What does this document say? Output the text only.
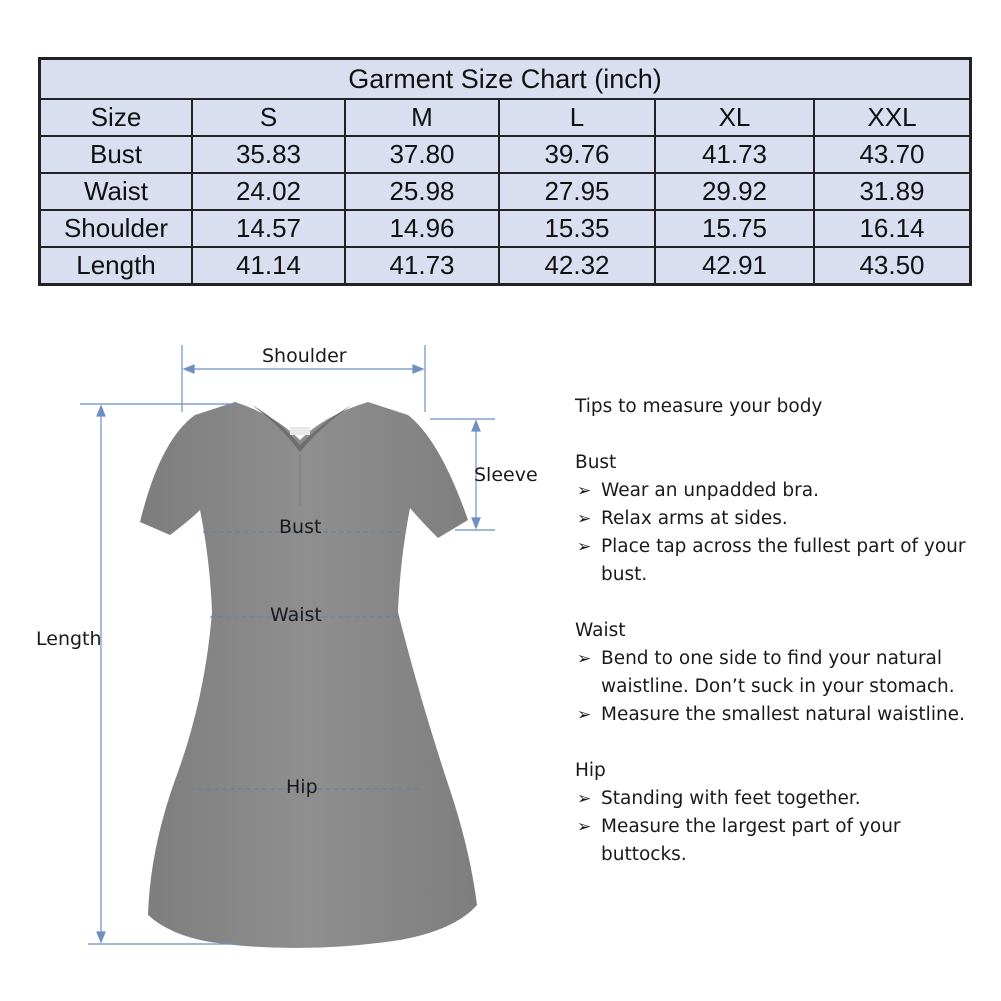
Garment Size Chart (inch)					
Size	S	M	L	XL	XXL
Bust	35.83	37.80	39.76	41.73	43.70
Waist	24.02	25.98	27.95	29.92	31.89
Shoulder	14.57	14.96	15.35	15.75	16.14
Length	41.14	41.73	42.32	42.91	43.50
Shoulder
Sleeve
Length
Bust
Waist
Hip
Tips to measure your body
Bust
➢ Wear an unpadded bra.
➢ Relax arms at sides.
➢ Place tap across the fullest part of your bust.
Waist
➢ Bend to one side to find your natural waistline. Don’t suck in your stomach.
➢ Measure the smallest natural waistline.
Hip
➢ Standing with feet together.
➢ Measure the largest part of your buttocks.
